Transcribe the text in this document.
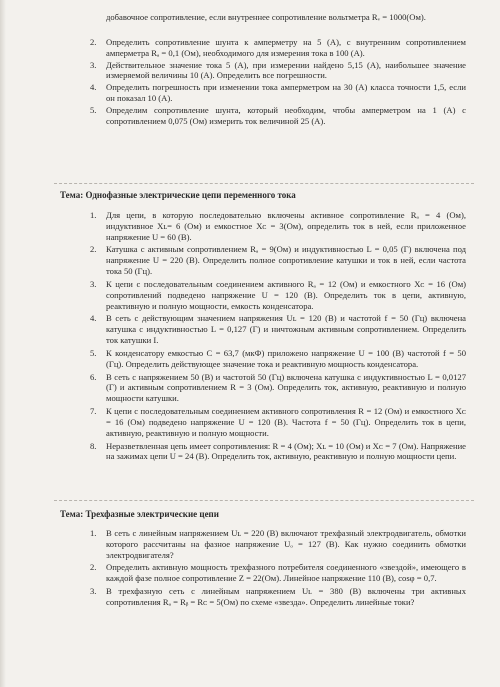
добавочное сопротивление, если внутреннее сопротивление вольтметра Rᵥ = 1000(Ом).
2. Определить сопротивление шунта к амперметру на 5 (А), с внутренним сопротивлением амперметра Rₐ = 0,1 (Ом), необходимого для измерения тока в 100 (А).
3. Действительное значение тока 5 (А), при измерении найдено 5,15 (А), наибольшее значение измеряемой величины 10 (А). Определить все погрешности.
4. Определить погрешность при изменении тока амперметром на 30 (А) класса точности 1,5, если он показал 10 (А).
5. Определим сопротивление шунта, который необходим, чтобы амперметром на 1 (А) с сопротивлением 0,075 (Ом) измерить ток величиной 25 (А).
Тема: Однофазные электрические цепи переменного тока
1. Для цепи, в которую последовательно включены активное сопротивление Rₐ = 4 (Ом), индуктивное Xʟ= 6 (Ом) и емкостное Xᴄ = 3(Ом), определить ток в ней, если приложенное напряжение U = 60 (В).
2. Катушка с активным сопротивлением Rₐ = 9(Ом) и индуктивностью L = 0,05 (Г) включена под напряжение U = 220 (В). Определить полное сопротивление катушки и ток в ней, если частота тока 50 (Гц).
3. К цепи с последовательным соединением активного Rₐ = 12 (Ом) и емкостного Xᴄ = 16 (Ом) сопротивлений подведено напряжение U = 120 (В). Определить ток в цепи, активную, реактивную и полную мощности, емкость конденсатора.
4. В сеть с действующим значением напряжения Uʟ = 120 (В) и частотой f = 50 (Гц) включена катушка с индуктивностью L = 0,127 (Г) и ничтожным активным сопротивлением. Определить ток катушки I.
5. К конденсатору емкостью С = 63,7 (мкФ) приложено напряжение U = 100 (В) частотой f = 50 (Гц). Определить действующее значение тока и реактивную мощность конденсатора.
6. В сеть с напряжением 50 (В) и частотой 50 (Гц) включена катушка с индуктивностью L = 0,0127 (Г) и активным сопротивлением R = 3 (Ом). Определить ток, активную, реактивную и полную мощности катушки.
7. К цепи с последовательным соединением активного сопротивления R = 12 (Ом) и емкостного Xᴄ = 16 (Ом) подведено напряжение U = 120 (В). Частота f = 50 (Гц). Определить ток в цепи, активную, реактивную и полную мощности.
8. Неразветвленная цепь имеет сопротивления: R = 4 (Ом); Xʟ = 10 (Ом) и Xᴄ = 7 (Ом). Напряжение на зажимах цепи U = 24 (В). Определить ток, активную, реактивную и полную мощности цепи.
Тема: Трехфазные электрические цепи
1. В сеть с линейным напряжением Uʟ = 220 (В) включают трехфазный электродвигатель, обмотки которого рассчитаны на фазное напряжение Uₒ = 127 (В). Как нужно соединить обмотки электродвигателя?
2. Определить активную мощность трехфазного потребителя соединенного «звездой», имеющего в каждой фазе полное сопротивление Z = 22(Ом). Линейное напряжение 110 (В), cosφ = 0,7.
3. В трехфазную сеть с линейным напряжением Uʟ = 380 (В) включены три активных сопротивления Rₐ = Rᵦ = Rᴄ = 5(Ом) по схеме «звезда». Определить линейные токи?
